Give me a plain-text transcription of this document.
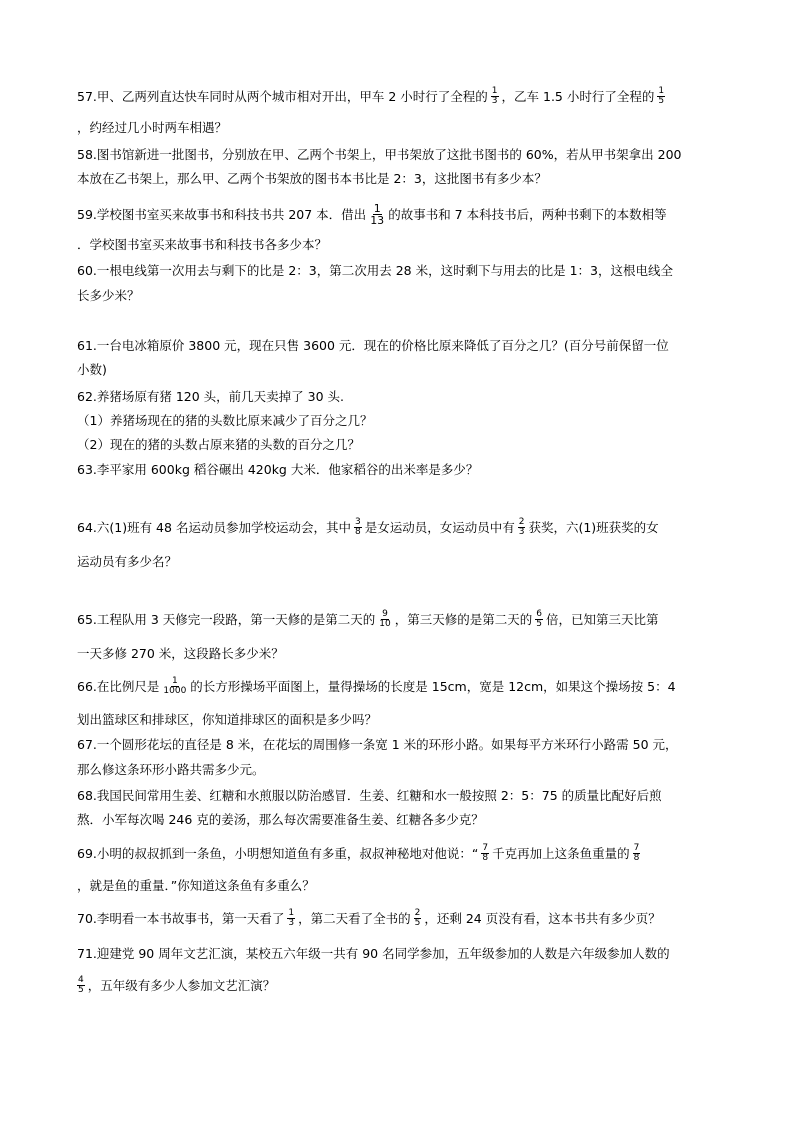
57.甲、乙两列直达快车同时从两个城市相对开出，甲车 2 小时行了全程的 $\frac{1}{3}$ ，乙车 1.5 小时行了全程的 $\frac{1}{5}$
，约经过几小时两车相遇？
58.图书馆新进一批图书，分别放在甲、乙两个书架上，甲书架放了这批书图书的 60%，若从甲书架拿出 200
本放在乙书架上，那么甲、乙两个书架放的图书本书比是 2：3，这批图书有多少本？
59.学校图书室买来故事书和科技书共 207 本．借出 $\frac{1}{13}$ 的故事书和 7 本科技书后，两种书剩下的本数相等
．学校图书室买来故事书和科技书各多少本？
60.一根电线第一次用去与剩下的比是 2：3，第二次用去 28 米，这时剩下与用去的比是 1：3，这根电线全
长多少米？
61.一台电冰箱原价 3800 元，现在只售 3600 元．现在的价格比原来降低了百分之几？(百分号前保留一位
小数)
62.养猪场原有猪 120 头，前几天卖掉了 30 头.
（1）养猪场现在的猪的头数比原来减少了百分之几？
（2）现在的猪的头数占原来猪的头数的百分之几？
63.李平家用 600kg 稻谷碾出 420kg 大米．他家稻谷的出米率是多少？
64.六(1)班有 48 名运动员参加学校运动会，其中 $\frac{3}{8}$ 是女运动员，女运动员中有 $\frac{2}{3}$ 获奖，六(1)班获奖的女
运动员有多少名？
65.工程队用 3 天修完一段路，第一天修的是第二天的 $\frac{9}{10}$ ，第三天修的是第二天的 $\frac{6}{5}$ 倍，已知第三天比第
一天多修 270 米，这段路长多少米？
66.在比例尺是 $\frac{1}{1000}$ 的长方形操场平面图上，量得操场的长度是 15cm，宽是 12cm，如果这个操场按 5：4
划出篮球区和排球区，你知道排球区的面积是多少吗？
67.一个圆形花坛的直径是 8 米，在花坛的周围修一条宽 1 米的环形小路。如果每平方米环行小路需 50 元，
那么修这条环形小路共需多少元。
68.我国民间常用生姜、红糖和水煎服以防治感冒．生姜、红糖和水一般按照 2：5：75 的质量比配好后煎
熬．小军每次喝 246 克的姜汤，那么每次需要准备生姜、红糖各多少克？
69.小明的叔叔抓到一条鱼，小明想知道鱼有多重，叔叔神秘地对他说：“ $\frac{7}{8}$ 千克再加上这条鱼重量的 $\frac{7}{8}$
，就是鱼的重量．”你知道这条鱼有多重么？
70.李明看一本书故事书，第一天看了 $\frac{1}{3}$ ，第二天看了全书的 $\frac{2}{5}$ ，还剩 24 页没有看，这本书共有多少页？
71.迎建党 90 周年文艺汇演，某校五六年级一共有 90 名同学参加，五年级参加的人数是六年级参加人数的
$\frac{4}{5}$ ，五年级有多少人参加文艺汇演？
